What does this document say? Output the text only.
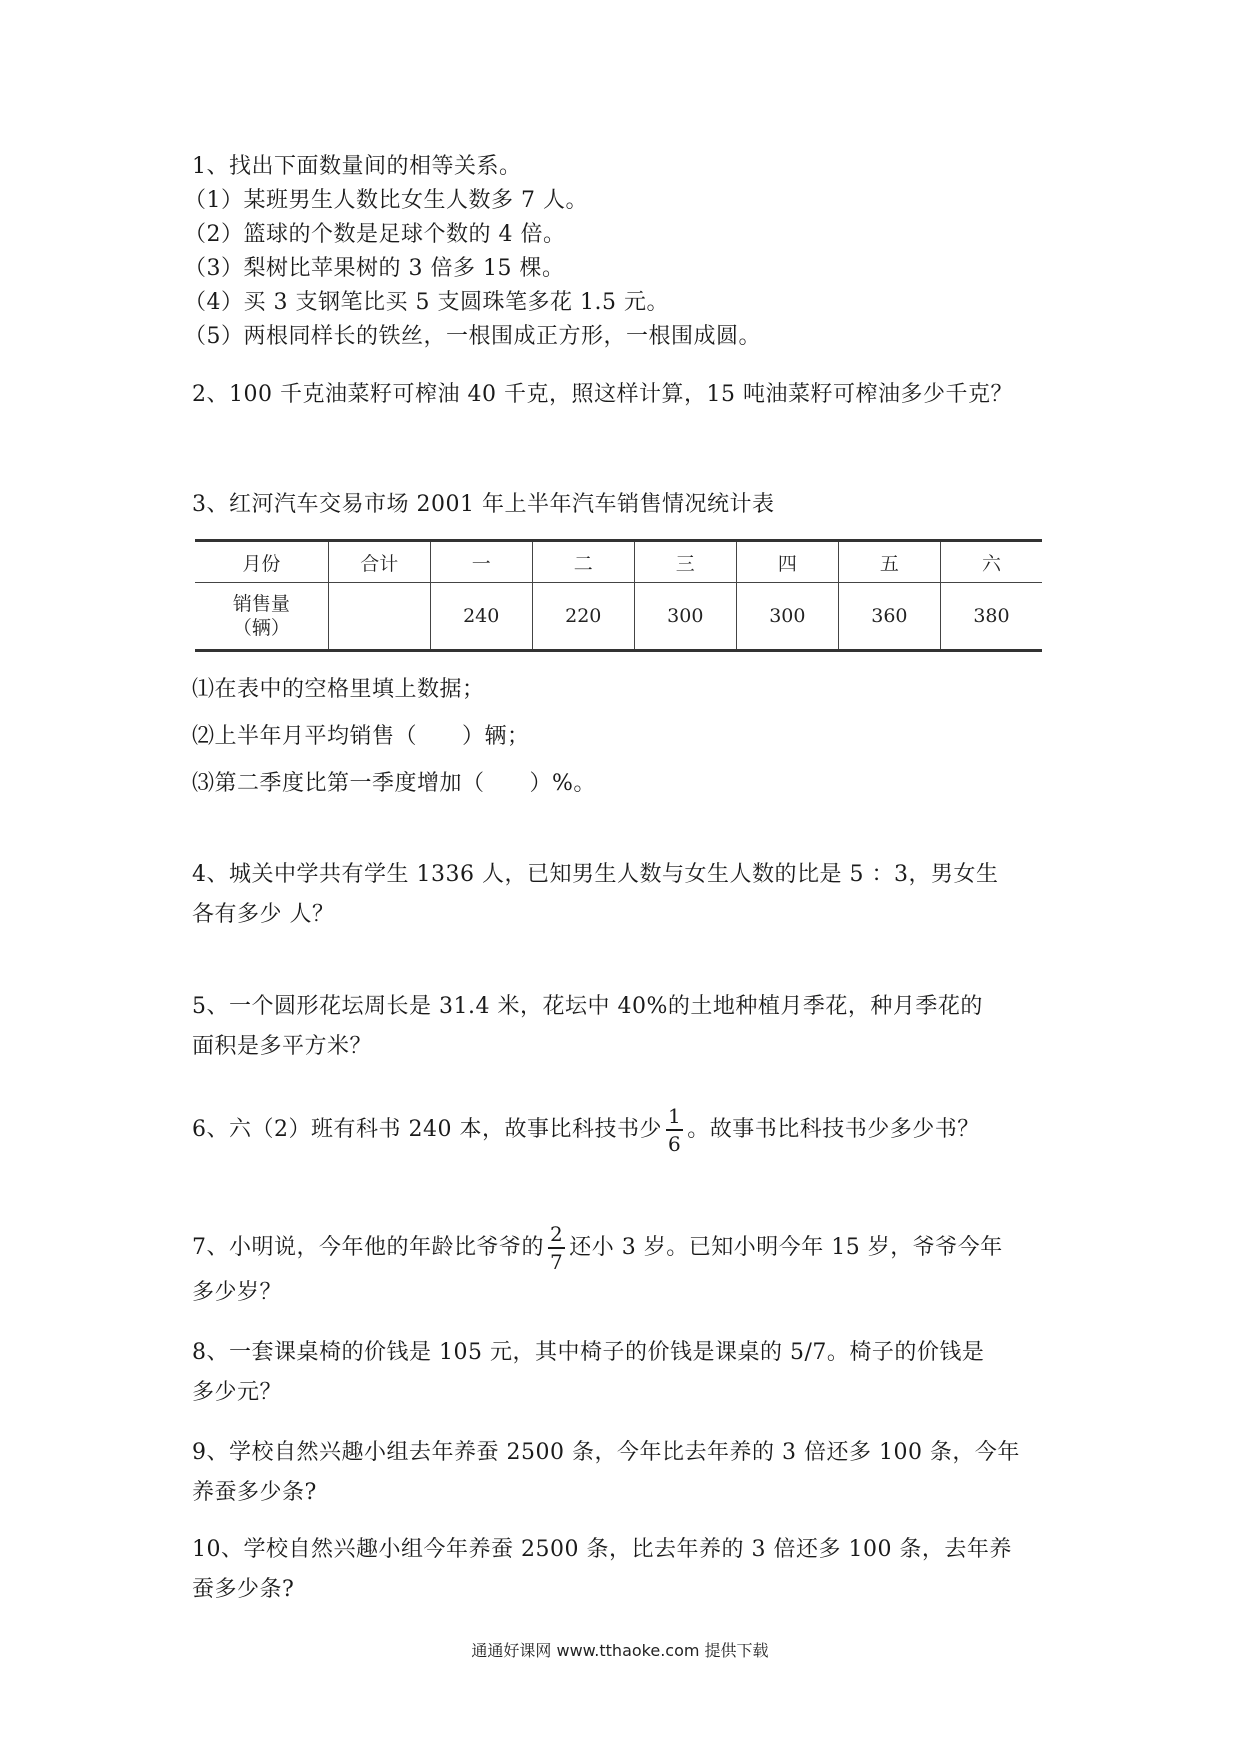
1、找出下面数量间的相等关系。
（1）某班男生人数比女生人数多 7 人。
（2）篮球的个数是足球个数的 4 倍。
（3）梨树比苹果树的 3 倍多 15 棵。
（4）买 3 支钢笔比买 5 支圆珠笔多花 1.5 元。
（5）两根同样长的铁丝，一根围成正方形，一根围成圆。
2、100 千克油菜籽可榨油 40 千克，照这样计算，15 吨油菜籽可榨油多少千克？
3、红河汽车交易市场 2001 年上半年汽车销售情况统计表
月份	合计	一	二	三	四	五	六

销售量
（辆）		240	220	300	300	360	380
⑴在表中的空格里填上数据；
⑵上半年月平均销售（　　）辆；
⑶第二季度比第一季度增加（　　）%。
4、城关中学共有学生 1336 人，已知男生人数与女生人数的比是 5 ：3，男女生
各有多少 人？
5、一个圆形花坛周长是 31.4 米，花坛中 40%的土地种植月季花，种月季花的
面积是多平方米？
6、六（2）班有科书 240 本，故事比科技书少 $\frac{1}{6}$ 。故事书比科技书少多少书？
7、小明说，今年他的年龄比爷爷的 $\frac{2}{7}$ 还小 3 岁。已知小明今年 15 岁，爷爷今年
多少岁？
8、一套课桌椅的价钱是 105 元，其中椅子的价钱是课桌的 5/7。椅子的价钱是
多少元？
9、学校自然兴趣小组去年养蚕 2500 条，今年比去年养的 3 倍还多 100 条，今年
养蚕多少条?
10、学校自然兴趣小组今年养蚕 2500 条，比去年养的 3 倍还多 100 条，去年养
蚕多少条?
通通好课网 www.tthaoke.com 提供下载
